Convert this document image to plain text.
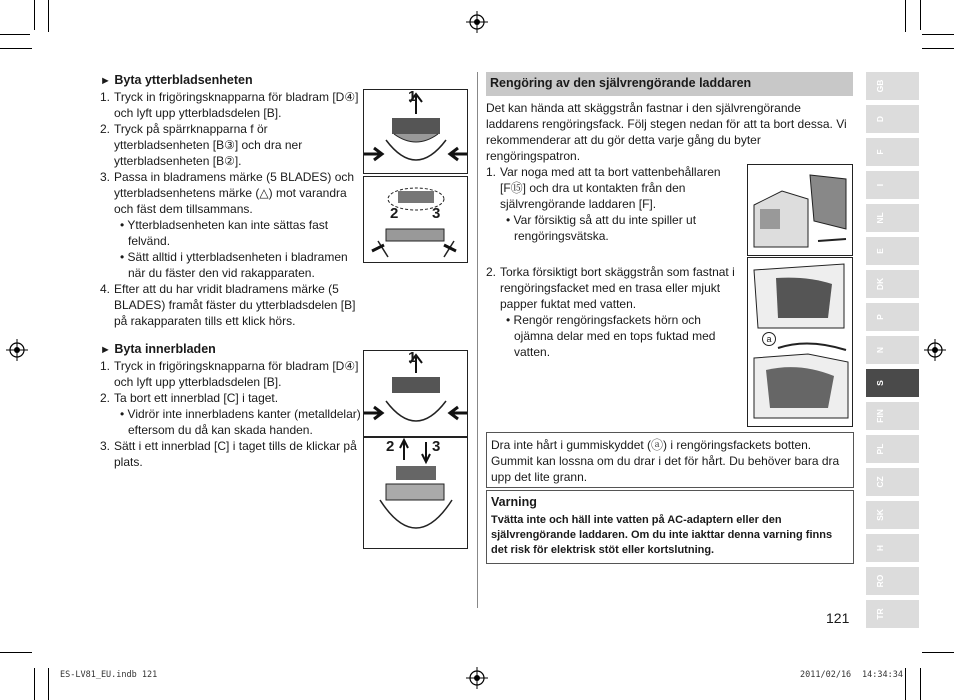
► Byta ytterbladsenheten
1. Tryck in frigöringsknapparna för bladram [D④] och lyft upp ytterbladsdelen [B].
2. Tryck på spärrknapparna f ör ytterbladsenheten [B③] och dra ner ytterbladsenheten [B②].
3. Passa in bladramens märke (5 BLADES) och ytterbladsenhetens märke (△) mot varandra och fäst dem tillsammans.
• Ytterbladsenheten kan inte sättas fast felvänd.
• Sätt alltid i ytterbladsenheten i bladramen när du fäster den vid rakapparaten.
4. Efter att du har vridit bladramens märke (5 BLADES) framåt fäster du ytterbladsdelen [B] på rakapparaten tills ett klick hörs.
► Byta innerbladen
1. Tryck in frigöringsknapparna för bladram [D④] och lyft upp ytterbladsdelen [B].
2. Ta bort ett innerblad [C] i taget.
• Vidrör inte innerbladens kanter (metalldelar) eftersom du då kan skada handen.
3. Sätt i ett innerblad [C] i taget tills de klickar på plats.
1
2 3
1
2	3
Rengöring av den självrengörande laddaren
Det kan hända att skäggstrån fastnar i den självrengörande laddarens rengöringsfack. Följ stegen nedan för att ta bort dessa. Vi rekommenderar att du gör detta varje gång du byter rengöringspatron.
1. Var noga med att ta bort vattenbehållaren [F⑮] och dra ut kontakten från den självrengörande laddaren [F].
• Var försiktig så att du inte spiller ut rengöringsvätska.
2. Torka försiktigt bort skäggstrån som fastnat i rengöringsfacket med en trasa eller mjukt papper fuktat med vatten.
• Rengör rengöringsfackets hörn och ojämna delar med en tops fuktad med vatten.
a
Dra inte hårt i gummiskyddet (ⓐ) i rengöringsfackets botten. Gummit kan lossna om du drar i det för hårt. Du behöver bara dra upp det lite grann.
Varning
Tvätta inte och häll inte vatten på AC-adaptern eller den självrengörande laddaren. Om du inte iakttar denna varning finns det risk för elektrisk stöt eller kortslutning.
GB
D
F
I
NL
E
DK
P
N
S
FIN
PL
CZ
SK
H
RO
TR
121
ES-LV81_EU.indb 121	2011/02/16 14:34:34
